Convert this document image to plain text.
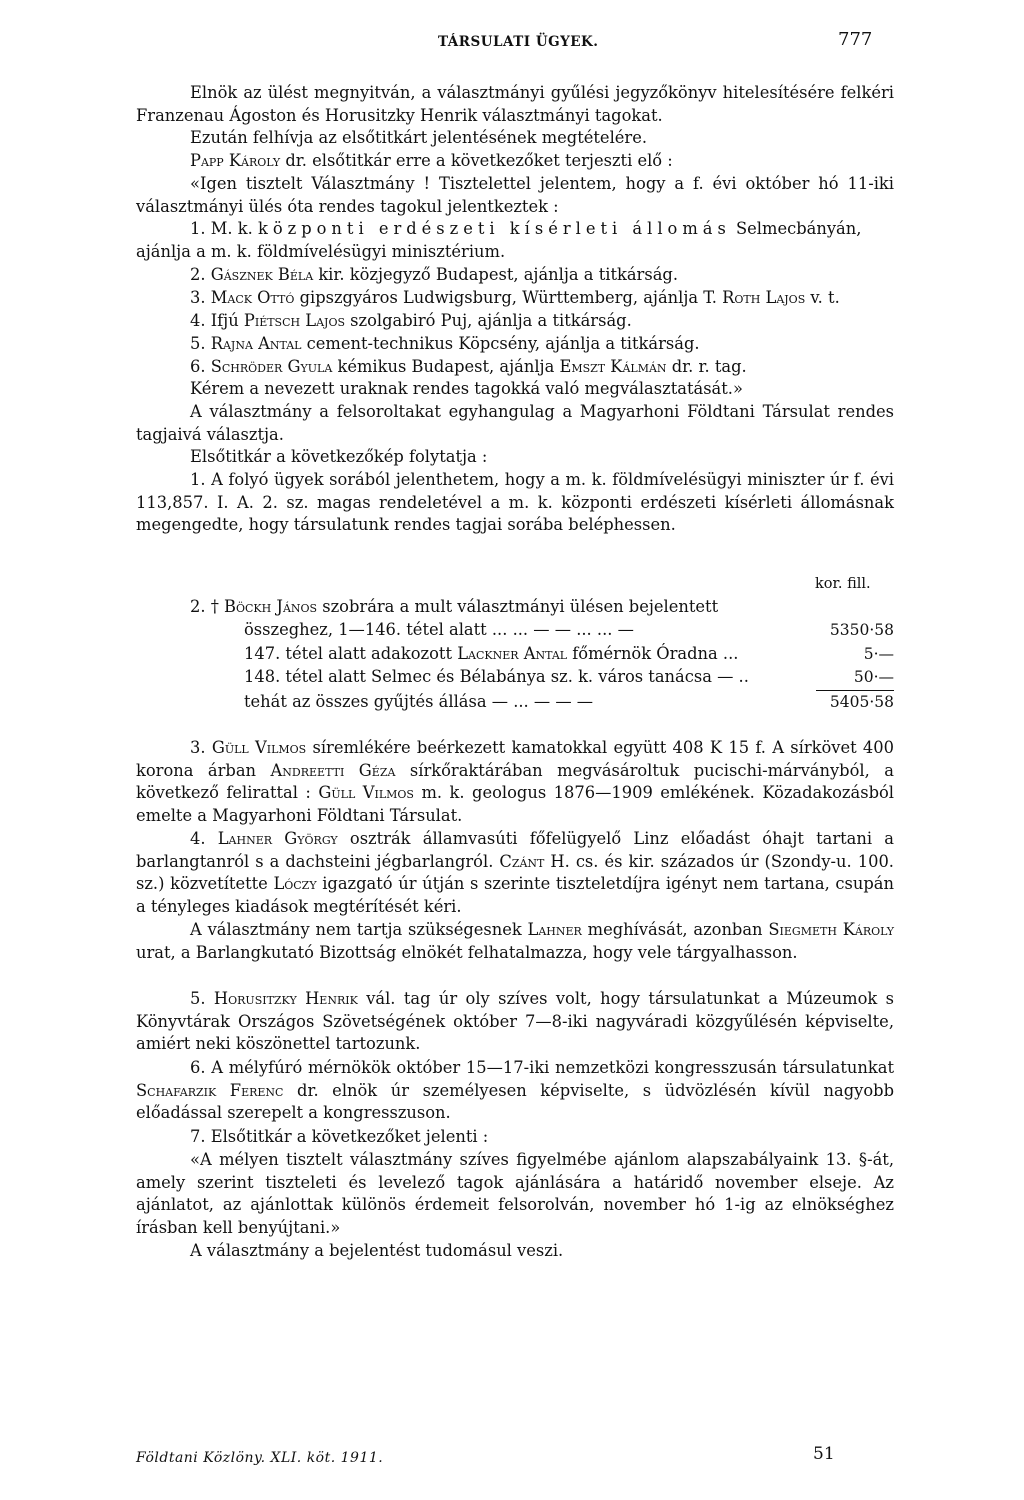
TÁRSULATI ÜGYEK.	777

Elnök az ülést megnyitván, a választmányi gyűlési jegyzőkönyv hitelesítésére felkéri Franzenau Ágoston és Horusitzky Henrik választmányi tagokat.

Ezután felhívja az elsőtitkárt jelentésének megtételére.

Papp Károly dr. elsőtitkár erre a következőket terjeszti elő :

«Igen tisztelt Választmány ! Tisztelettel jelentem, hogy a f. évi október hó 11-iki választmányi ülés óta rendes tagokul jelentkeztek :

1. M. k. központi erdészeti kísérleti állomás Selmecbányán,
ajánlja a m. k. földmívelésügyi minisztérium.
2. Gásznek Béla kir. közjegyző Budapest, ajánlja a titkárság.
3. Mack Ottó gipszgyáros Ludwigsburg, Württemberg, ajánlja T. Roth Lajos v. t.
4. Ifjú Piétsch Lajos szolgabiró Puj, ajánlja a titkárság.
5. Rajna Antal cement-technikus Köpcsény, ajánlja a titkárság.
6. Schröder Gyula kémikus Budapest, ajánlja Emszt Kálmán dr. r. tag.

Kérem a nevezett uraknak rendes tagokká való megválasztatását.»

A választmány a felsoroltakat egyhangulag a Magyarhoni Földtani Társulat rendes tagjaivá választja.

Elsőtitkár a következőkép folytatja :

1. A folyó ügyek sorából jelenthetem, hogy a m. k. földmívelésügyi miniszter úr f. évi 113,857. I. A. 2. sz. magas rendeletével a m. k. központi erdészeti kísérleti állomásnak megengedte, hogy társulatunk rendes tagjai sorába beléphessen.

kor. fill.
2. † Böckh János szobrára a mult választmányi ülésen bejelentett
összeghez, 1—146. tétel alatt ... ... — — ... ... —	5350·58
147. tétel alatt adakozott Lackner Antal főmérnök Óradna ...	5·—
148. tétel alatt Selmec és Bélabánya sz. k. város tanácsa — ..	50·—
tehát az összes gyűjtés állása — ... — — —	5405·58

3. Güll Vilmos síremlékére beérkezett kamatokkal együtt 408 K 15 f. A sírkövet 400 korona árban Andreetti Géza sírkőraktárában megvásároltuk pucischi-márványból, a következő felirattal : Güll Vilmos m. k. geologus 1876—1909 emlékének. Közadakozásból emelte a Magyarhoni Földtani Társulat.

4. Lahner György osztrák államvasúti főfelügyelő Linz előadást óhajt tartani a barlangtanról s a dachsteini jégbarlangról. Czánt H. cs. és kir. százados úr (Szondy-u. 100. sz.) közvetítette Lóczy igazgató úr útján s szerinte tiszteletdíjra igényt nem tartana, csupán a tényleges kiadások megtérítését kéri.

A választmány nem tartja szükségesnek Lahner meghívását, azonban Siegmeth Károly urat, a Barlangkutató Bizottság elnökét felhatalmazza, hogy vele tárgyalhasson.

5. Horusitzky Henrik vál. tag úr oly szíves volt, hogy társulatunkat a Múzeumok s Könyvtárak Országos Szövetségének október 7—8-iki nagyváradi közgyűlésén képviselte, amiért neki köszönettel tartozunk.

6. A mélyfúró mérnökök október 15—17-iki nemzetközi kongresszusán társulatunkat Schafarzik Ferenc dr. elnök úr személyesen képviselte, s üdvözlésén kívül nagyobb előadással szerepelt a kongresszuson.

7. Elsőtitkár a következőket jelenti :

«A mélyen tisztelt választmány szíves figyelmébe ajánlom alapszabályaink 13. §-át, amely szerint tiszteleti és levelező tagok ajánlására a határidő november elseje. Az ajánlatot, az ajánlottak különös érdemeit felsorolván, november hó 1-ig az elnökséghez írásban kell benyújtani.»

A választmány a bejelentést tudomásul veszi.

Földtani Közlöny. XLI. köt. 1911.	51
